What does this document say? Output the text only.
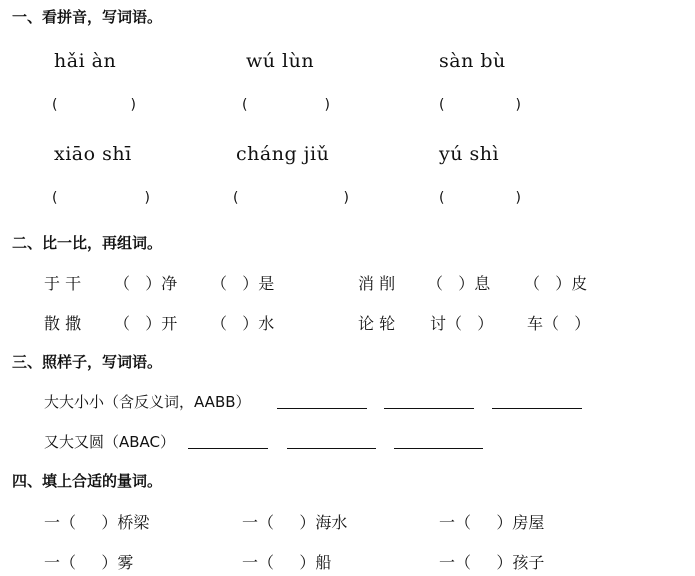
一、看拼音，写词语。
hǎi àn	wú lùn	sàn bù
(	)	(	)	(	)
xiāo shī	cháng jiǔ	yú shì
(	)	(	)	(	)
二、比一比，再组词。
于 干 （   ）净 （   ）是	消 削 （   ）息 （   ）皮
散 撒 （   ）开 （   ）水	论 轮 讨（   ） 车（   ）
三、照样子，写词语。
大大小小（含反义词，AABB）
又大又圆（ABAC）
四、填上合适的量词。
一（     ）桥梁	一（     ）海水	一（     ）房屋
一（     ）雾	一（     ）船	一（     ）孩子
